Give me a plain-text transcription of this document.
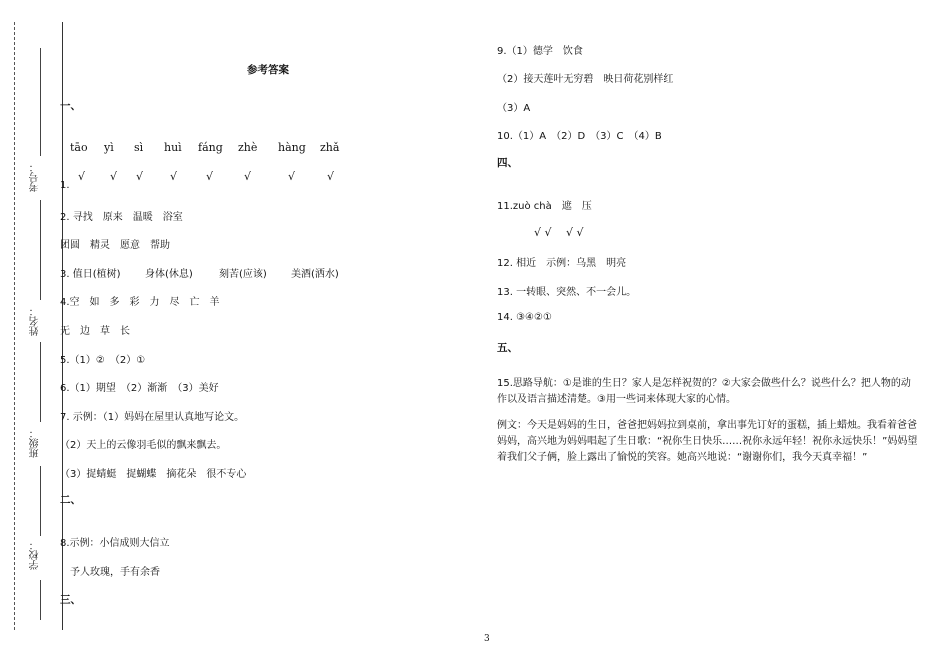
考号：
姓名：
班级：
学校：
参考答案
一、
tāo yì sì huì fáng zhè hàng zhǎ
1.
√ √ √ √	√	√	√	√
2. 寻找　原来　温暖　浴室
团圆　精灵　愿意　帮助
3. 值日(植树) 身体(休息)	刻苦(应该) 美酒(洒水)
4.空　如　多　彩　力　尽　亡　羊
无　边　草　长
5.（1）②　（2）①
6.（1）期望　（2）渐渐　（3）美好
7. 示例：（1）妈妈在屋里认真地写论文。
（2）天上的云像羽毛似的飘来飘去。
（3）捉蜻蜓　捉蝴蝶　摘花朵　很不专心
二、
8.示例：小信成则大信立
予人玫瑰，手有余香
三、
9.（1）德学　饮食
（2）接天莲叶无穷碧　映日荷花别样红
（3）A
10.（1）A　（2）D　（3）C　（4）B
四、
11.zuò chà　遮　压
√ √　 √ √
12. 相近　示例：乌黑　明亮
13. 一转眼、突然、不一会儿。
14. ③④②①
五、
15.思路导航：①是谁的生日？家人是怎样祝贺的？②大家会做些什么？说些什么？把人物的动作以及语言描述清楚。③用一些词来体现大家的心情。
例文：今天是妈妈的生日，爸爸把妈妈拉到桌前，拿出事先订好的蛋糕，插上蜡烛。我看着爸爸妈妈，高兴地为妈妈唱起了生日歌：“祝你生日快乐……祝你永远年轻！祝你永远快乐！”妈妈望着我们父子俩，脸上露出了愉悦的笑容。她高兴地说：“谢谢你们，我今天真幸福！”
3
